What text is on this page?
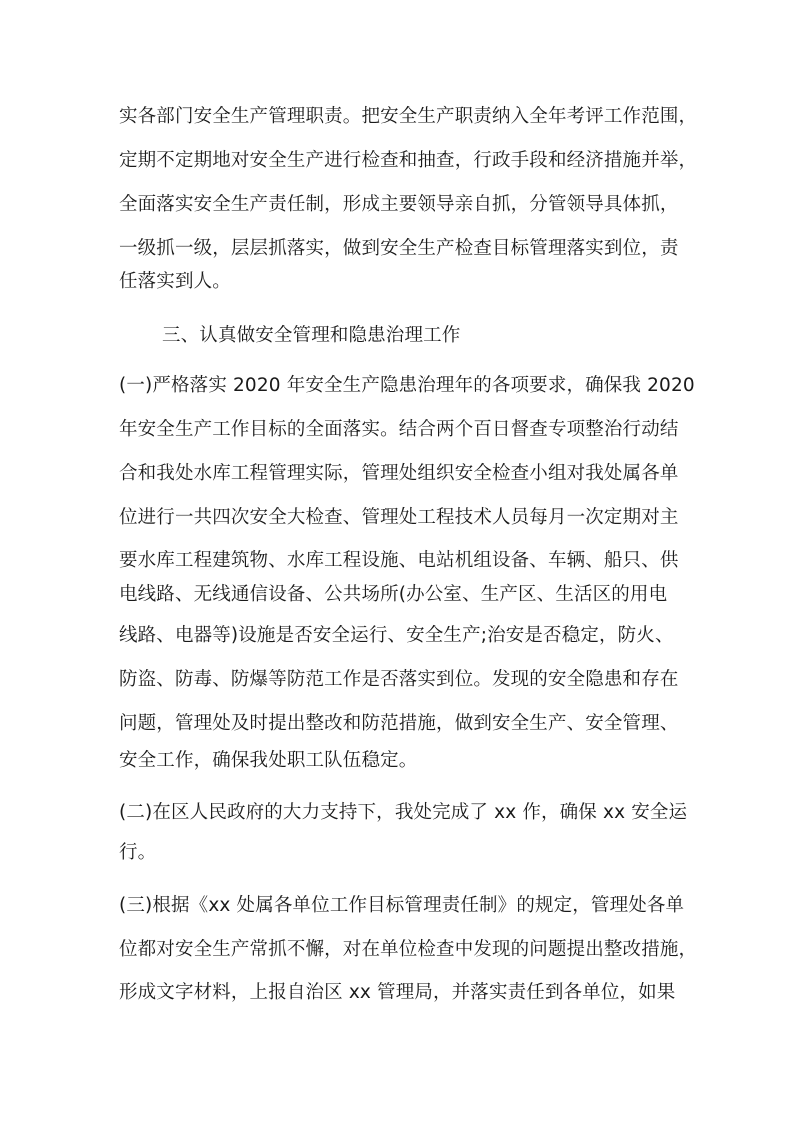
实各部门安全生产管理职责。把安全生产职责纳入全年考评工作范围，
定期不定期地对安全生产进行检查和抽查，行政手段和经济措施并举，
全面落实安全生产责任制，形成主要领导亲自抓，分管领导具体抓，
一级抓一级，层层抓落实，做到安全生产检查目标管理落实到位，责
任落实到人。
三、认真做安全管理和隐患治理工作
(一)严格落实 2020 年安全生产隐患治理年的各项要求，确保我 2020
年安全生产工作目标的全面落实。结合两个百日督查专项整治行动结
合和我处水库工程管理实际，管理处组织安全检查小组对我处属各单
位进行一共四次安全大检查、管理处工程技术人员每月一次定期对主
要水库工程建筑物、水库工程设施、电站机组设备、车辆、船只、供
电线路、无线通信设备、公共场所(办公室、生产区、生活区的用电
线路、电器等)设施是否安全运行、安全生产;治安是否稳定，防火、
防盗、防毒、防爆等防范工作是否落实到位。发现的安全隐患和存在
问题，管理处及时提出整改和防范措施，做到安全生产、安全管理、
安全工作，确保我处职工队伍稳定。
(二)在区人民政府的大力支持下，我处完成了 xx 作，确保 xx 安全运
行。
(三)根据《xx 处属各单位工作目标管理责任制》的规定，管理处各单
位都对安全生产常抓不懈，对在单位检查中发现的问题提出整改措施，
形成文字材料，上报自治区 xx 管理局，并落实责任到各单位，如果
